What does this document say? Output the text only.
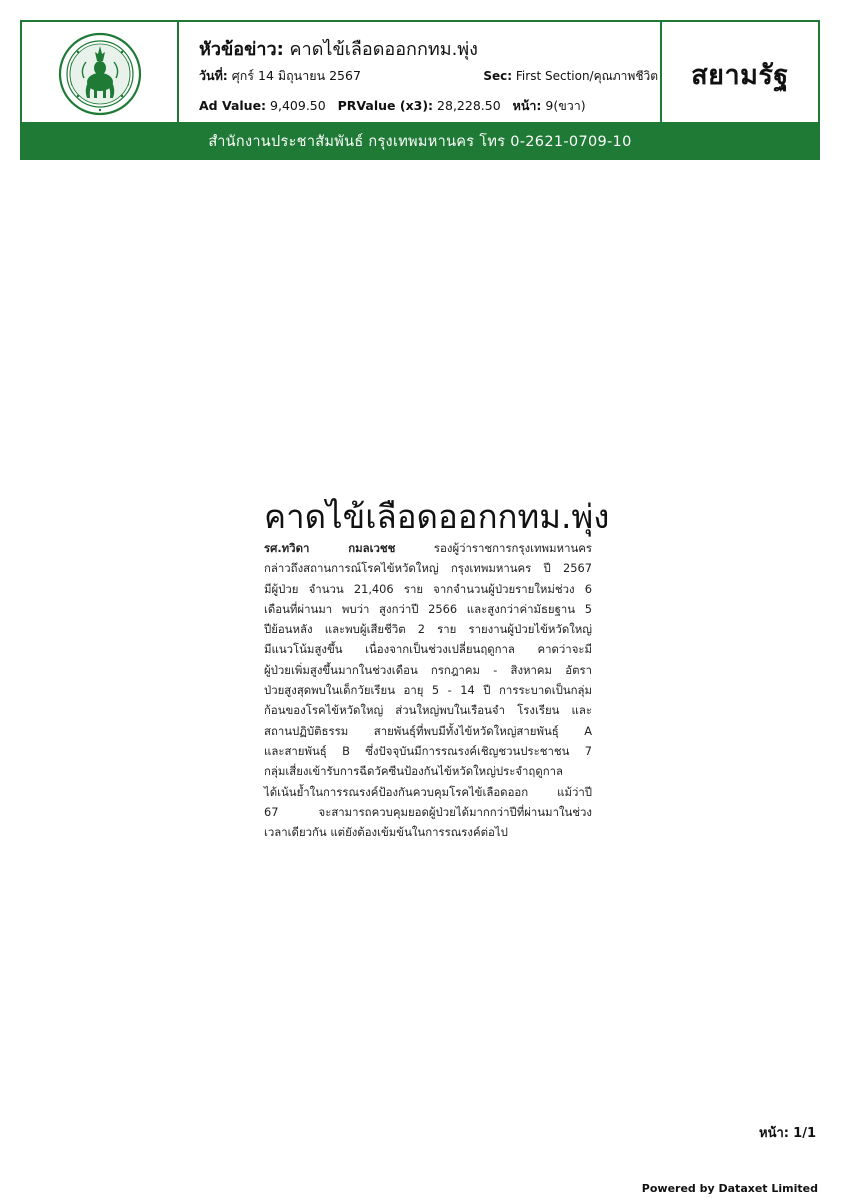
หัวข้อข่าว: คาดไข้เลือดออกกทม.พุ่ง
วันที่: ศุกร์ 14 มิถุนายน 2567	Sec: First Section/คุณภาพชีวิต
Ad Value: 9,409.50 PRValue (x3): 28,228.50 หน้า: 9(ขวา)
สยามรัฐ
สำนักงานประชาสัมพันธ์ กรุงเทพมหานคร โทร 0-2621-0709-10
คาดไข้เลือดออกกทม.พุ่ง
รศ.ทวิดา กมลเวชช รองผู้ว่าราชการกรุงเทพมหานคร
กล่าวถึงสถานการณ์โรคไข้หวัดใหญ่ กรุงเทพมหานคร ปี 2567
มีผู้ป่วย จำนวน 21,406 ราย จากจำนวนผู้ป่วยรายใหม่ช่วง 6
เดือนที่ผ่านมา พบว่า สูงกว่าปี 2566 และสูงกว่าค่ามัธยฐาน 5
ปีย้อนหลัง และพบผู้เสียชีวิต 2 ราย รายงานผู้ป่วยไข้หวัดใหญ่
มีแนวโน้มสูงขึ้น เนื่องจากเป็นช่วงเปลี่ยนฤดูกาล คาดว่าจะมี
ผู้ป่วยเพิ่มสูงขึ้นมากในช่วงเดือน กรกฎาคม - สิงหาคม อัตรา
ป่วยสูงสุดพบในเด็กวัยเรียน อายุ 5 - 14 ปี การระบาดเป็นกลุ่ม
ก้อนของโรคไข้หวัดใหญ่ ส่วนใหญ่พบในเรือนจำ โรงเรียน และ
สถานปฏิบัติธรรม สายพันธุ์ที่พบมีทั้งไข้หวัดใหญ่สายพันธุ์ A
และสายพันธุ์ B ซึ่งปัจจุบันมีการรณรงค์เชิญชวนประชาชน 7
กลุ่มเสี่ยงเข้ารับการฉีดวัคซีนป้องกันไข้หวัดใหญ่ประจำฤดูกาล
ได้เน้นย้ำในการรณรงค์ป้องกันควบคุมโรคไข้เลือดออก แม้ว่าปี
67 จะสามารถควบคุมยอดผู้ป่วยได้มากกว่าปีที่ผ่านมาในช่วง
เวลาเดียวกัน แต่ยังต้องเข้มข้นในการรณรงค์ต่อไป
หน้า: 1/1
Powered by Dataxet Limited
